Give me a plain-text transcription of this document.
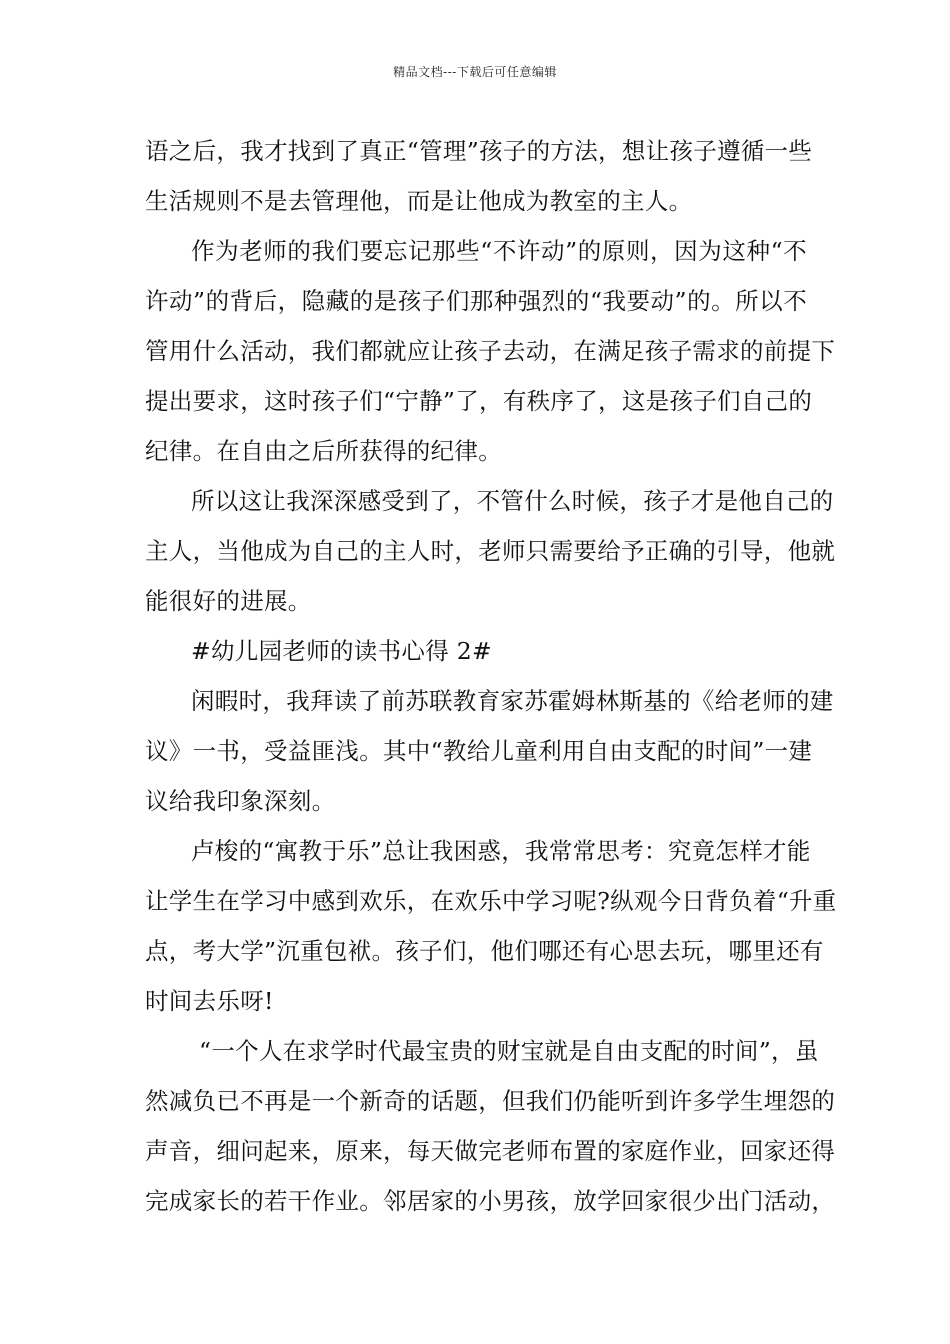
精品文档---下载后可任意编辑
语之后，我才找到了真正“管理”孩子的方法，想让孩子遵循一些
生活规则不是去管理他，而是让他成为教室的主人。
作为老师的我们要忘记那些“不许动”的原则，因为这种“不
许动”的背后，隐藏的是孩子们那种强烈的“我要动”的。所以不
管用什么活动，我们都就应让孩子去动，在满足孩子需求的前提下
提出要求，这时孩子们“宁静”了，有秩序了，这是孩子们自己的
纪律。在自由之后所获得的纪律。
所以这让我深深感受到了，不管什么时候，孩子才是他自己的
主人，当他成为自己的主人时，老师只需要给予正确的引导，他就
能很好的进展。
#幼儿园老师的读书心得 2#
闲暇时，我拜读了前苏联教育家苏霍姆林斯基的《给老师的建
议》一书，受益匪浅。其中“教给儿童利用自由支配的时间”一建
议给我印象深刻。
卢梭的“寓教于乐”总让我困惑，我常常思考：究竟怎样才能
让学生在学习中感到欢乐，在欢乐中学习呢?纵观今日背负着“升重
点，考大学”沉重包袱。孩子们，他们哪还有心思去玩，哪里还有
时间去乐呀!
“一个人在求学时代最宝贵的财宝就是自由支配的时间”，虽
然减负已不再是一个新奇的话题，但我们仍能听到许多学生埋怨的
声音，细问起来，原来，每天做完老师布置的家庭作业，回家还得
完成家长的若干作业。邻居家的小男孩，放学回家很少出门活动，
